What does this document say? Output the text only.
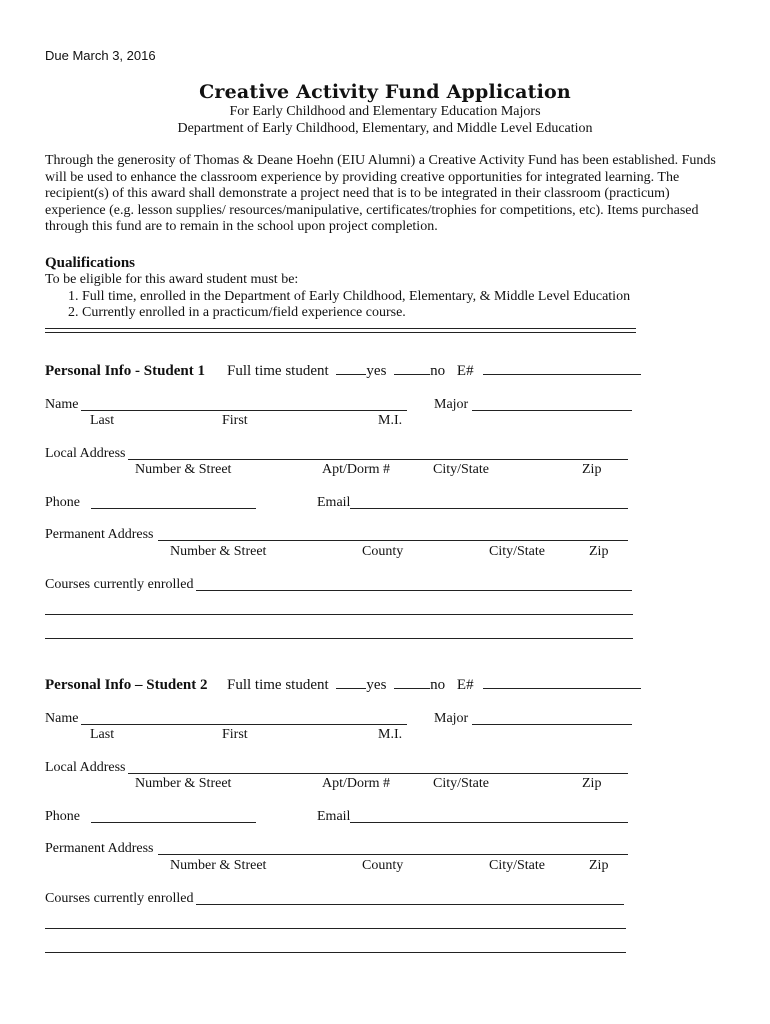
Due March 3, 2016
Creative Activity Fund Application
For Early Childhood and Elementary Education Majors
Department of Early Childhood, Elementary, and Middle Level Education
Through the generosity of Thomas & Deane Hoehn (EIU Alumni) a Creative Activity Fund has been established. Funds will be used to enhance the classroom experience by providing creative opportunities for integrated learning. The recipient(s) of this award shall demonstrate a project need that is to be integrated in their classroom (practicum) experience (e.g. lesson supplies/ resources/manipulative, certificates/trophies for competitions, etc). Items purchased through this fund are to remain in the school upon project completion.
Qualifications
To be eligible for this award student must be:
1. Full time, enrolled in the Department of Early Childhood, Elementary, & Middle Level Education
2. Currently enrolled in a practicum/field experience course.
Personal Info - Student 1 Full time student	yes	no E#
Name	Major
Last	First	M.I.
Local Address
Number & Street	Apt/Dorm #	City/State	Zip
Phone	Email
Permanent Address
Number & Street	County	City/State	Zip
Courses currently enrolled
Personal Info – Student 2 Full time student	yes	no E#
Name	Major
Last	First	M.I.
Local Address
Number & Street	Apt/Dorm #	City/State	Zip
Phone	Email
Permanent Address
Number & Street	County	City/State	Zip
Courses currently enrolled
